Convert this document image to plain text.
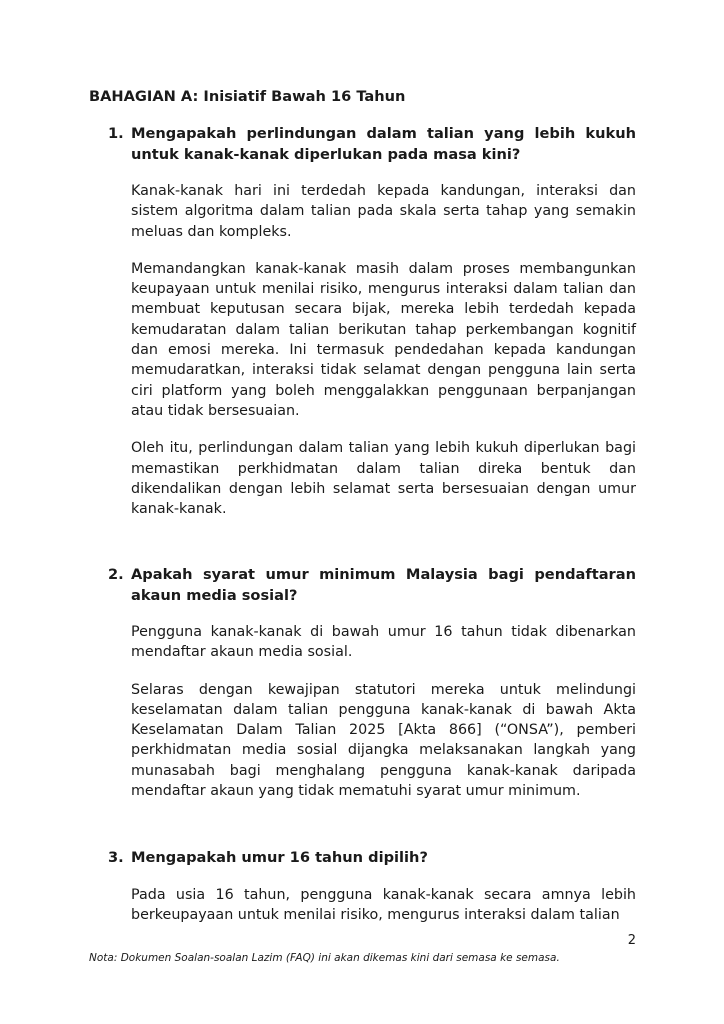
BAHAGIAN A: Inisiatif Bawah 16 Tahun
1. Mengapakah perlindungan dalam talian yang lebih kukuh untuk kanak-kanak diperlukan pada masa kini?

Kanak-kanak hari ini terdedah kepada kandungan, interaksi dan sistem algoritma dalam talian pada skala serta tahap yang semakin meluas dan kompleks.

Memandangkan kanak-kanak masih dalam proses membangunkan keupayaan untuk menilai risiko, mengurus interaksi dalam talian dan membuat keputusan secara bijak, mereka lebih terdedah kepada kemudaratan dalam talian berikutan tahap perkembangan kognitif dan emosi mereka. Ini termasuk pendedahan kepada kandungan memudaratkan, interaksi tidak selamat dengan pengguna lain serta ciri platform yang boleh menggalakkan penggunaan berpanjangan atau tidak bersesuaian.

Oleh itu, perlindungan dalam talian yang lebih kukuh diperlukan bagi memastikan perkhidmatan dalam talian direka bentuk dan dikendalikan dengan lebih selamat serta bersesuaian dengan umur kanak-kanak.

2. Apakah syarat umur minimum Malaysia bagi pendaftaran akaun media sosial?

Pengguna kanak-kanak di bawah umur 16 tahun tidak dibenarkan mendaftar akaun media sosial.

Selaras dengan kewajipan statutori mereka untuk melindungi keselamatan dalam talian pengguna kanak-kanak di bawah Akta Keselamatan Dalam Talian 2025 [Akta 866] (“ONSA”), pemberi perkhidmatan media sosial dijangka melaksanakan langkah yang munasabah bagi menghalang pengguna kanak-kanak daripada mendaftar akaun yang tidak mematuhi syarat umur minimum.

3. Mengapakah umur 16 tahun dipilih?

Pada usia 16 tahun, pengguna kanak-kanak secara amnya lebih berkeupayaan untuk menilai risiko, mengurus interaksi dalam talian

2
Nota: Dokumen Soalan-soalan Lazim (FAQ) ini akan dikemas kini dari semasa ke semasa.
